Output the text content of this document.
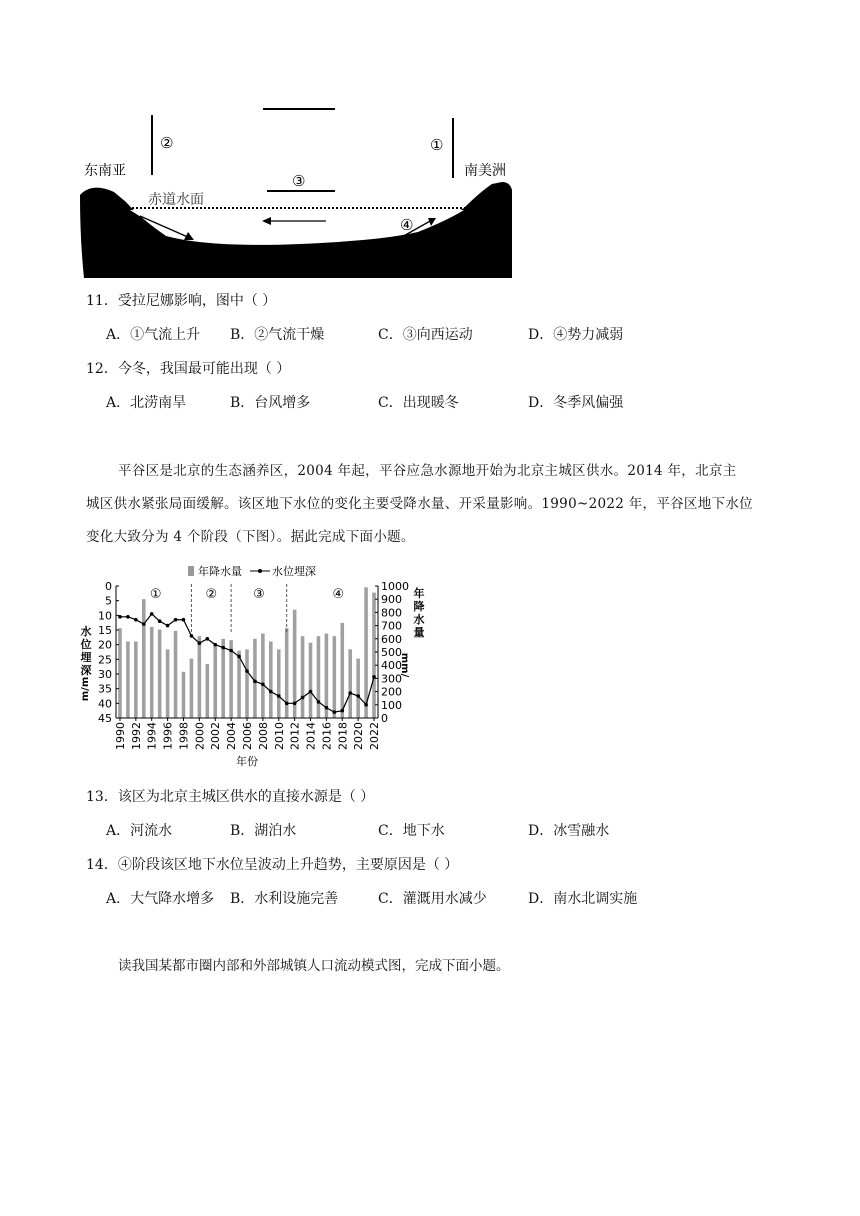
②	①
东南亚	南美洲
赤道水面
③
④
11．受拉尼娜影响，图中（ ）
A．①气流上升 B．②气流干燥	C．③向西运动	D．④势力减弱
12．今冬，我国最可能出现（ ）
A．北涝南旱	B．台风增多	C．出现暖冬	D．冬季风偏强

平谷区是北京的生态涵养区，2004 年起，平谷应急水源地开始为北京主城区供水。2014 年，北京主

城区供水紧张局面缓解。该区地下水位的变化主要受降水量、开采量影响。1990~2022 年，平谷区地下水位

变化大致分为 4 个阶段（下图）。据此完成下面小题。

年降水量	水位埋深
0
5
10
15
20
25
30
35
40
45	0
100
200
300
400
500
600
700
800
900
1000
1990 1992 1994 1996 1998 2000 2002 2004 2006 2008 2010 2012 2014 2016 2018 2020 2022
年份
水
位
埋
深
m/m
年
降
水
量
mm/
①	②	③	④
13．该区为北京主城区供水的直接水源是（ ）
A．河流水	B．湖泊水	C．地下水	D．冰雪融水
14．④阶段该区地下水位呈波动上升趋势，主要原因是（ ）
A．大气降水增多 B．水利设施完善	C．灌溉用水减少	D．南水北调实施
读我国某都市圈内部和外部城镇人口流动模式图，完成下面小题。
